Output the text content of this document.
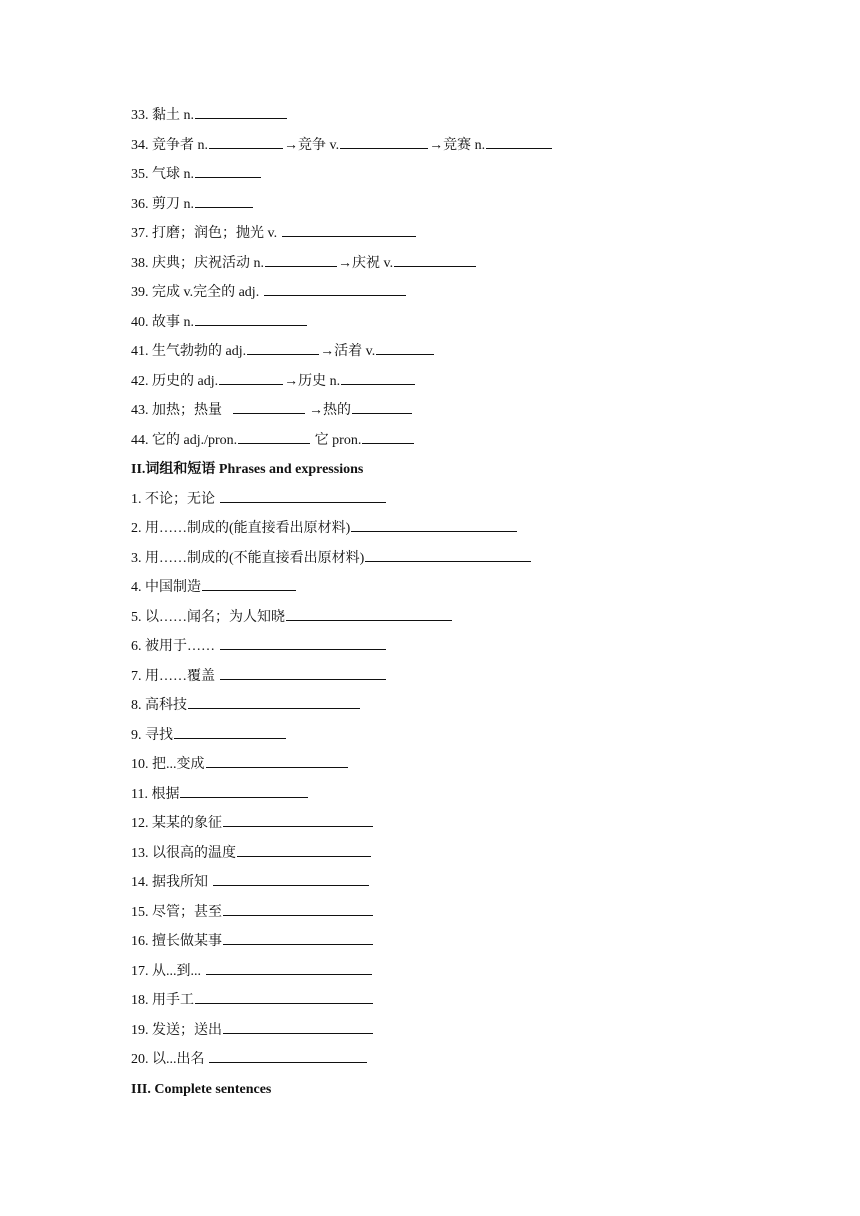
33. 黏土 n.
34. 竞争者 n.	→竞争 v.	→竞赛 n.
35. 气球 n.
36. 剪刀 n.
37. 打磨；润色；抛光 v.
38. 庆典；庆祝活动 n.	→庆祝 v.
39. 完成 v.完全的 adj.
40. 故事 n.
41. 生气勃勃的 adj.	→活着 v.
42. 历史的 adj.	→历史 n.
43. 加热；热量	→热的
44. 它的 adj./pron.	它 pron.
II.词组和短语 Phrases and expressions
1. 不论；无论
2. 用……制成的(能直接看出原材料)
3. 用……制成的(不能直接看出原材料)
4. 中国制造
5. 以……闻名；为人知晓
6. 被用于……
7. 用……覆盖
8. 高科技
9. 寻找
10. 把...变成
11. 根据
12. 某某的象征
13. 以很高的温度
14. 据我所知
15. 尽管；甚至
16. 擅长做某事
17. 从...到...
18. 用手工
19. 发送；送出
20. 以...出名
III. Complete sentences
